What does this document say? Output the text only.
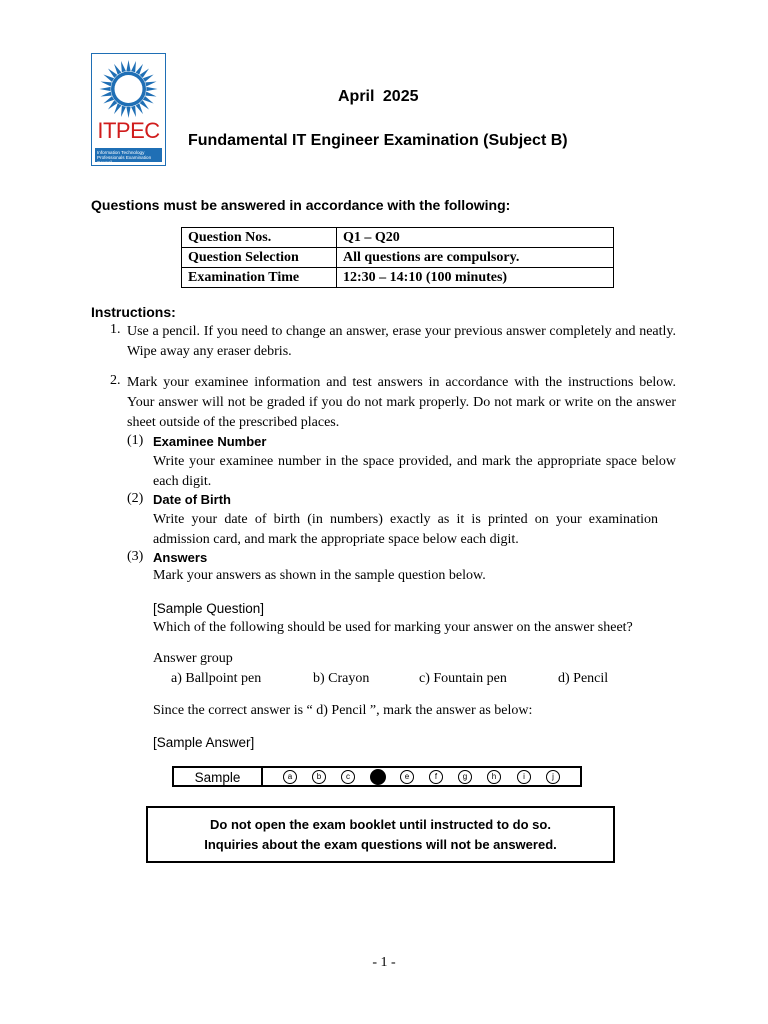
ITPEC
Information Technology
Professionals Examination Council
April 2025
Fundamental IT Engineer Examination (Subject B)
Questions must be answered in accordance with the following:
Question Nos.	Q1 – Q20
Question Selection	All questions are compulsory.
Examination Time	12:30 – 14:10 (100 minutes)
Instructions:
1. Use a pencil. If you need to change an answer, erase your previous answer completely and neatly. Wipe away any eraser debris.
2. Mark your examinee information and test answers in accordance with the instructions below. Your answer will not be graded if you do not mark properly. Do not mark or write on the answer sheet outside of the prescribed places.
(1) Examinee Number
Write your examinee number in the space provided, and mark the appropriate space below each digit.
(2) Date of Birth
Write your date of birth (in numbers) exactly as it is printed on your examination admission card, and mark the appropriate space below each digit.
(3) Answers
Mark your answers as shown in the sample question below.
[Sample Question]
Which of the following should be used for marking your answer on the answer sheet?
Answer group
a) Ballpoint pen	b) Crayon	c) Fountain pen	d) Pencil
Since the correct answer is “ d) Pencil ”, mark the answer as below:
[Sample Answer]
Sample	a	b	c	e	f	g	h	i	j
Do not open the exam booklet until instructed to do so.
Inquiries about the exam questions will not be answered.
- 1 -
